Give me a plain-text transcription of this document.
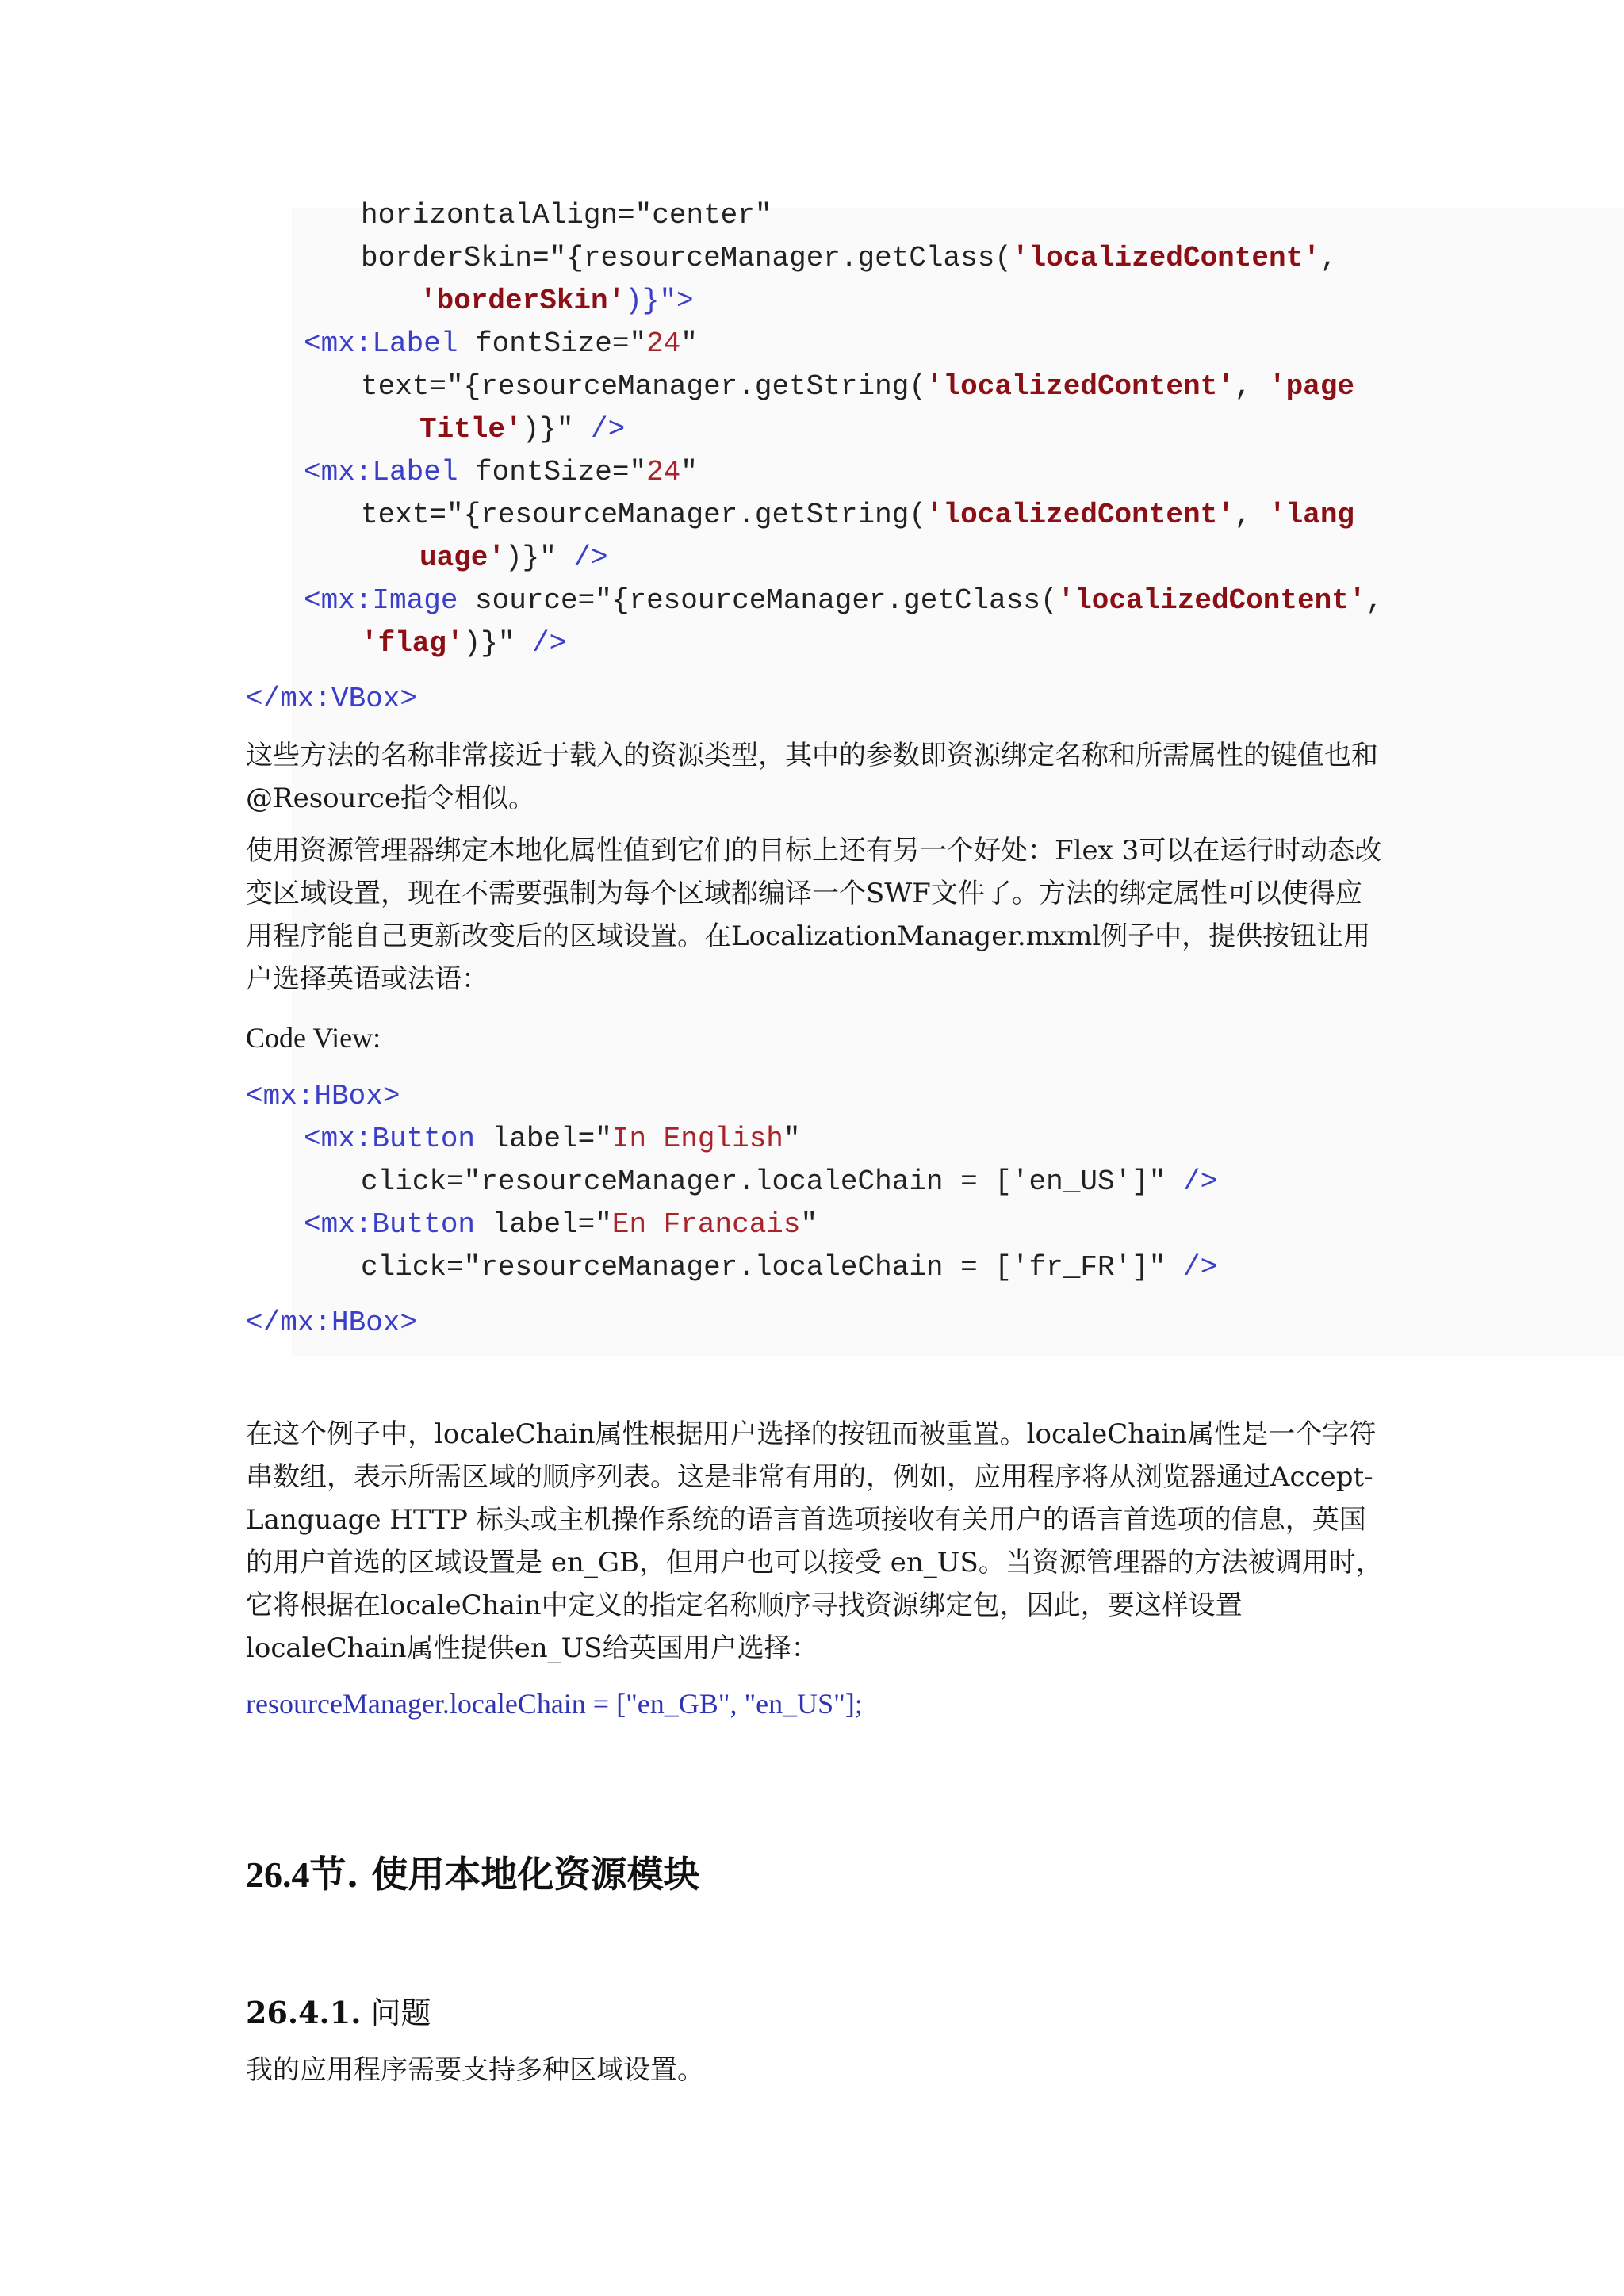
horizontalAlign="center"

borderSkin="{resourceManager.getClass('localizedContent',

'borderSkin')}">

<mx:Label fontSize="24"

text="{resourceManager.getString('localizedContent', 'page

Title')}" />

<mx:Label fontSize="24"

text="{resourceManager.getString('localizedContent', 'lang

uage')}" />

<mx:Image source="{resourceManager.getClass('localizedContent',

'flag')}" />

</mx:VBox>

这些方法的名称非常接近于载入的资源类型，其中的参数即资源绑定名称和所需属性的键值也和@Resource指令相似。

使用资源管理器绑定本地化属性值到它们的目标上还有另一个好处：Flex 3可以在运行时动态改变区域设置，现在不需要强制为每个区域都编译一个SWF文件了。方法的绑定属性可以使得应用程序能自己更新改变后的区域设置。在LocalizationManager.mxml例子中，提供按钮让用户选择英语或法语：

Code View:

<mx:HBox>

<mx:Button label="In English"

click="resourceManager.localeChain = ['en_US']" />

<mx:Button label="En Francais"

click="resourceManager.localeChain = ['fr_FR']" />

</mx:HBox>

在这个例子中，localeChain属性根据用户选择的按钮而被重置。localeChain属性是一个字符串数组，表示所需区域的顺序列表。这是非常有用的，例如，应用程序将从浏览器通过Accept-Language HTTP 标头或主机操作系统的语言首选项接收有关用户的语言首选项的信息，英国的用户首选的区域设置是 en_GB，但用户也可以接受 en_US。当资源管理器的方法被调用时，它将根据在localeChain中定义的指定名称顺序寻找资源绑定包，因此，要这样设置localeChain属性提供en_US给英国用户选择：

resourceManager.localeChain = ["en_GB", "en_US"];
26.4节. 使用本地化资源模块
26.4.1. 问题

我的应用程序需要支持多种区域设置。
